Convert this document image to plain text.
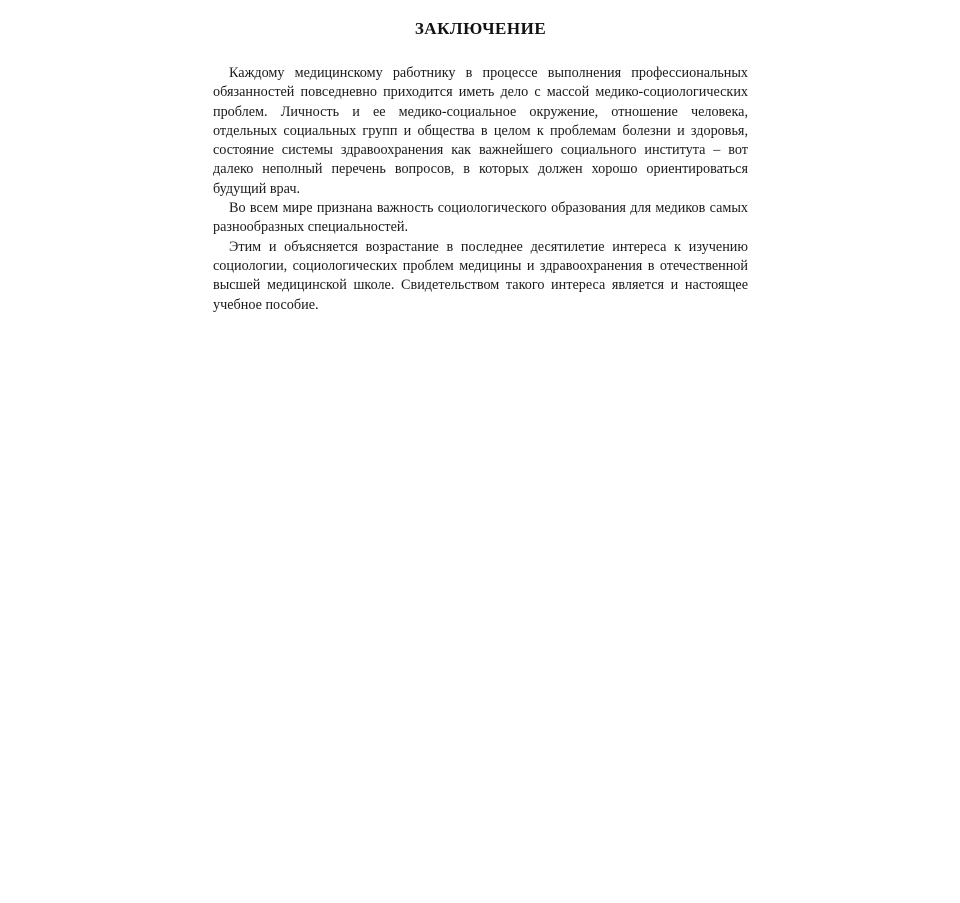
ЗАКЛЮЧЕНИЕ

Каждому медицинскому работнику в процессе выполнения профессиональных обязанностей повседневно приходится иметь дело с массой медико-социологических проблем. Личность и ее медико-социальное окружение, отношение человека, отдельных социальных групп и общества в целом к проблемам болезни и здоровья, состояние системы здравоохранения как важнейшего социального института – вот далеко неполный перечень вопросов, в которых должен хорошо ориентироваться будущий врач.

Во всем мире признана важность социологического образования для медиков самых разнообразных специальностей.

Этим и объясняется возрастание в последнее десятилетие интереса к изучению социологии, социологических проблем медицины и здравоохранения в отечественной высшей медицинской школе. Свидетельством такого интереса является и настоящее учебное пособие.
